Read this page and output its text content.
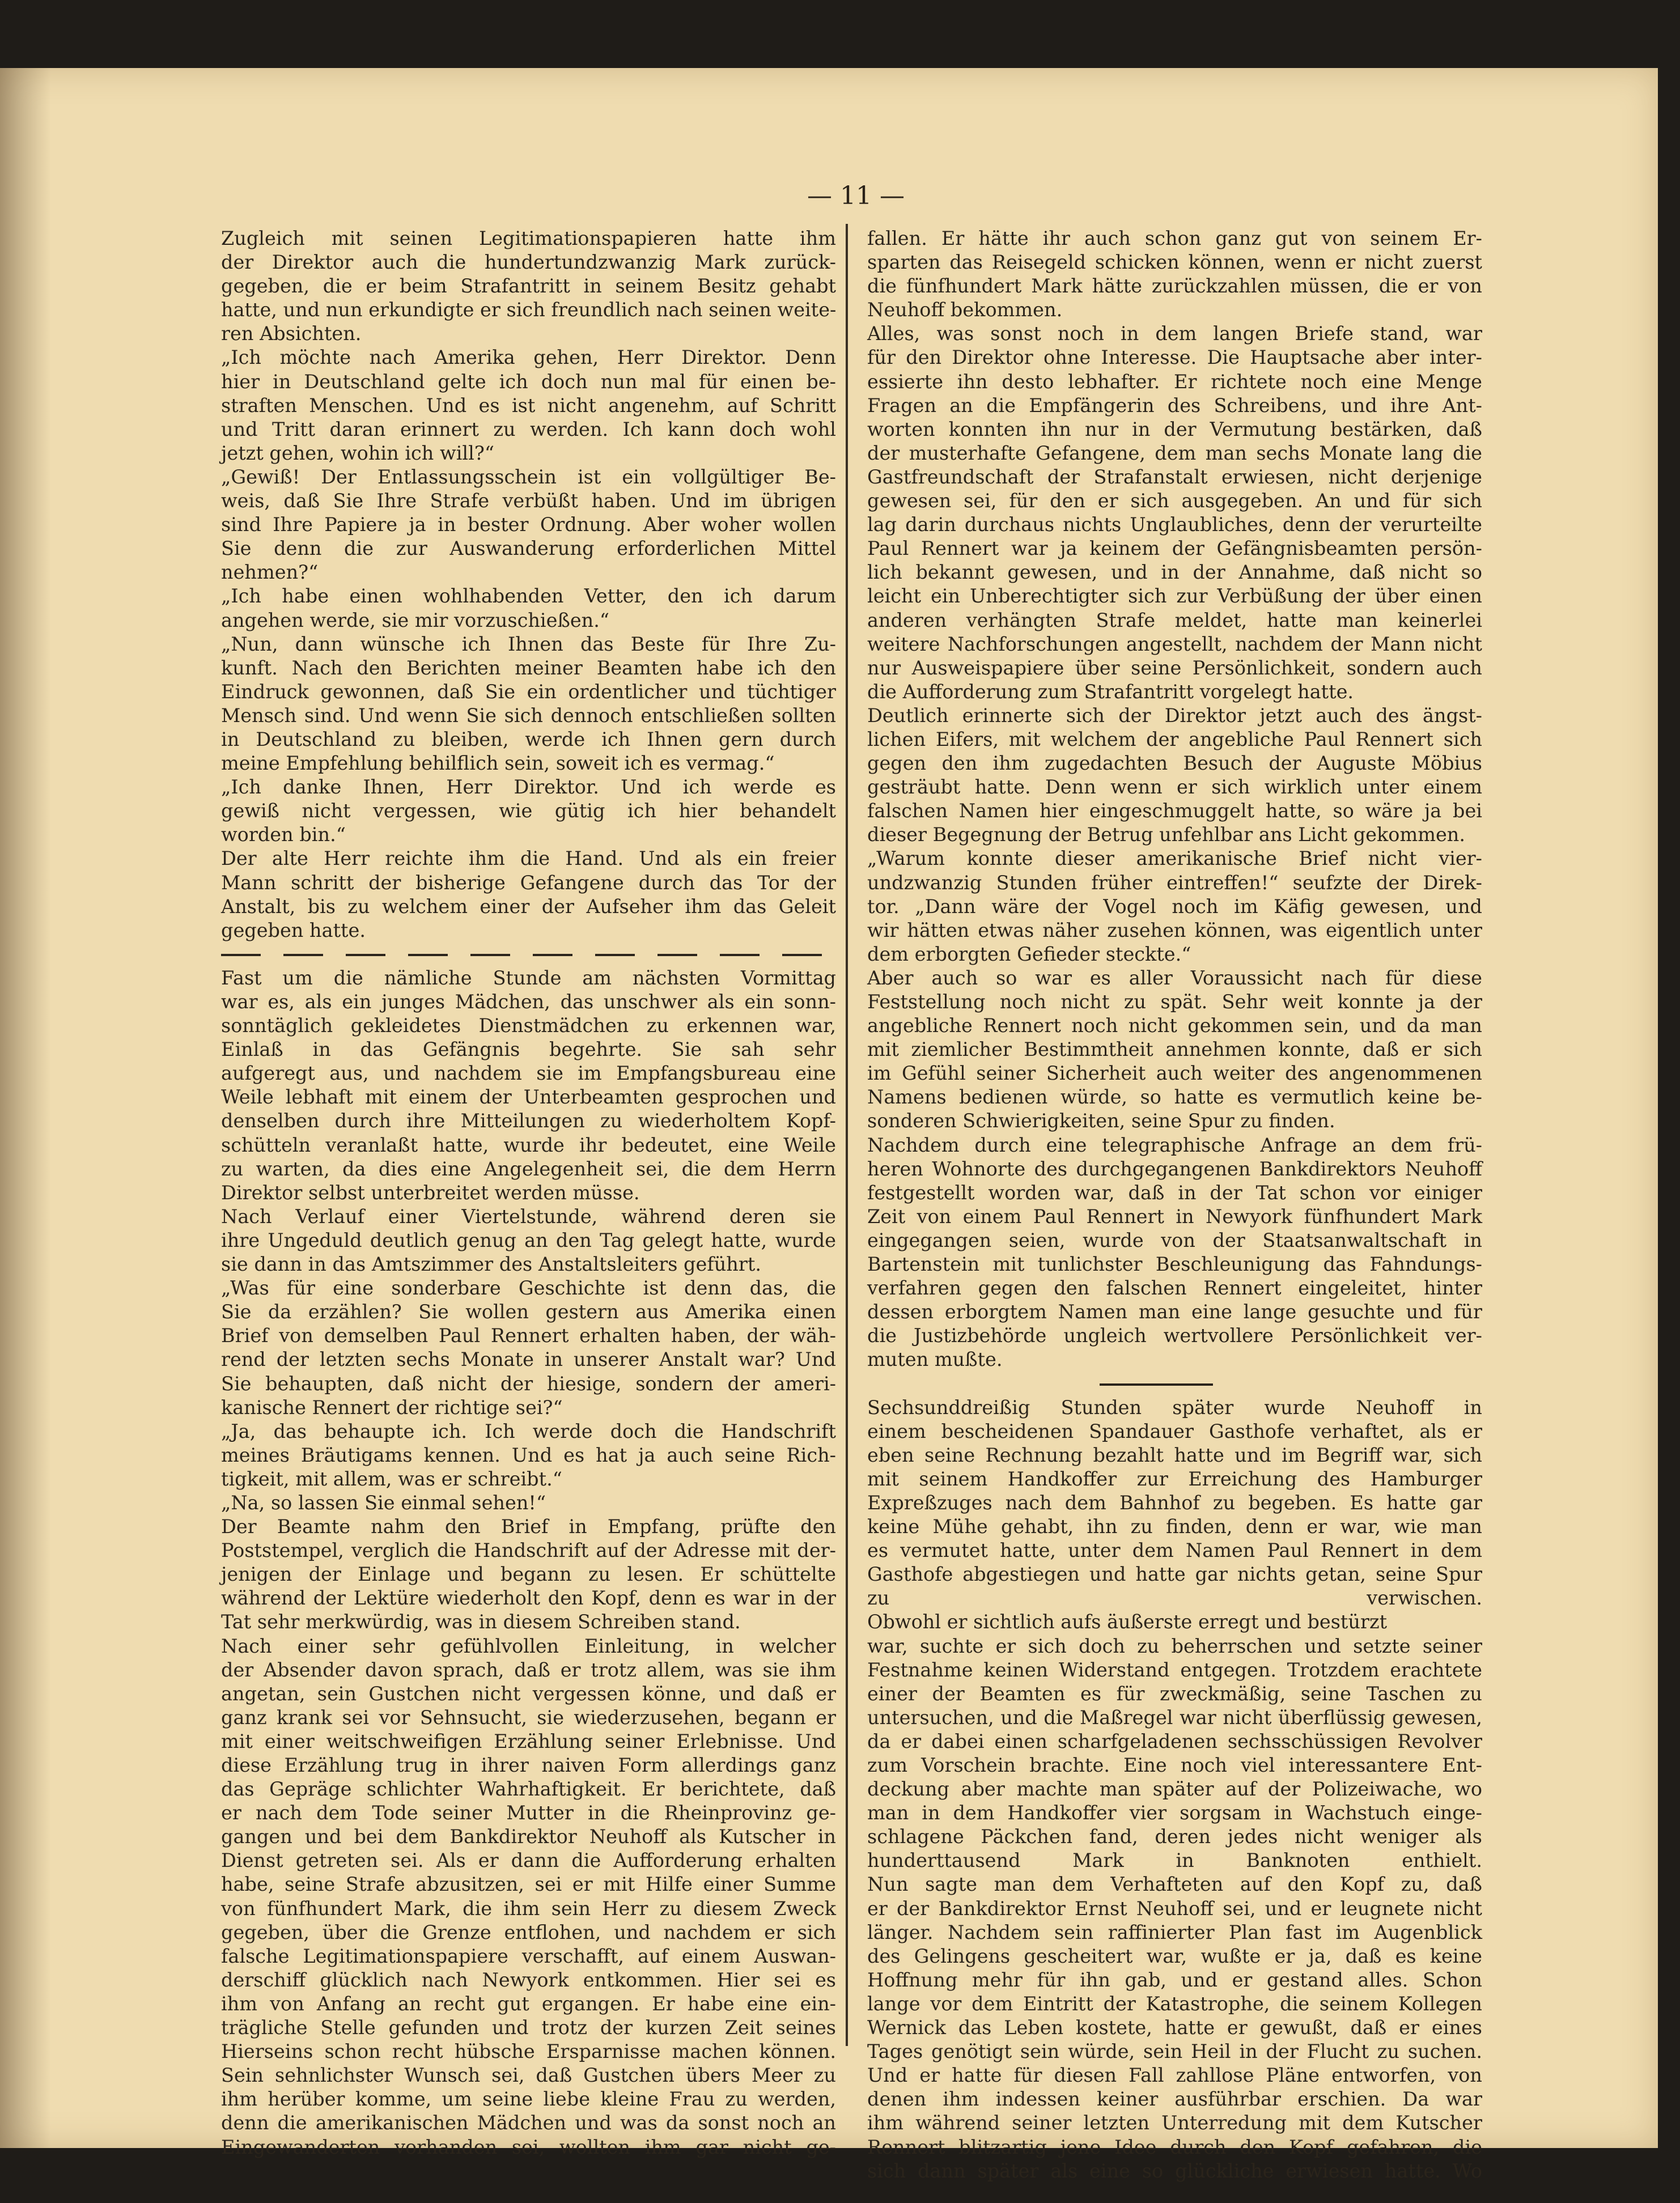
— 11 —
Zugleich mit seinen Legitimationspapieren hatte ihm
der Direktor auch die hundertundzwanzig Mark zurück-
gegeben, die er beim Strafantritt in seinem Besitz gehabt
hatte, und nun erkundigte er sich freundlich nach seinen weite-
ren Absichten.
„Ich möchte nach Amerika gehen, Herr Direktor. Denn
hier in Deutschland gelte ich doch nun mal für einen be-
straften Menschen. Und es ist nicht angenehm, auf Schritt
und Tritt daran erinnert zu werden. Ich kann doch wohl
jetzt gehen, wohin ich will?“
„Gewiß! Der Entlassungsschein ist ein vollgültiger Be-
weis, daß Sie Ihre Strafe verbüßt haben. Und im übrigen
sind Ihre Papiere ja in bester Ordnung. Aber woher wollen
Sie denn die zur Auswanderung erforderlichen Mittel
nehmen?“
„Ich habe einen wohlhabenden Vetter, den ich darum
angehen werde, sie mir vorzuschießen.“
„Nun, dann wünsche ich Ihnen das Beste für Ihre Zu-
kunft. Nach den Berichten meiner Beamten habe ich den
Eindruck gewonnen, daß Sie ein ordentlicher und tüchtiger
Mensch sind. Und wenn Sie sich dennoch entschließen sollten
in Deutschland zu bleiben, werde ich Ihnen gern durch
meine Empfehlung behilflich sein, soweit ich es vermag.“
„Ich danke Ihnen, Herr Direktor. Und ich werde es
gewiß nicht vergessen, wie gütig ich hier behandelt
worden bin.“
Der alte Herr reichte ihm die Hand. Und als ein freier
Mann schritt der bisherige Gefangene durch das Tor der
Anstalt, bis zu welchem einer der Aufseher ihm das Geleit
gegeben hatte.
Fast um die nämliche Stunde am nächsten Vormittag
war es, als ein junges Mädchen, das unschwer als ein sonn-
sonntäglich gekleidetes Dienstmädchen zu erkennen war,
Einlaß in das Gefängnis begehrte. Sie sah sehr
aufgeregt aus, und nachdem sie im Empfangsbureau eine
Weile lebhaft mit einem der Unterbeamten gesprochen und
denselben durch ihre Mitteilungen zu wiederholtem Kopf-
schütteln veranlaßt hatte, wurde ihr bedeutet, eine Weile
zu warten, da dies eine Angelegenheit sei, die dem Herrn
Direktor selbst unterbreitet werden müsse.
Nach Verlauf einer Viertelstunde, während deren sie
ihre Ungeduld deutlich genug an den Tag gelegt hatte, wurde
sie dann in das Amtszimmer des Anstaltsleiters geführt.
„Was für eine sonderbare Geschichte ist denn das, die
Sie da erzählen? Sie wollen gestern aus Amerika einen
Brief von demselben Paul Rennert erhalten haben, der wäh-
rend der letzten sechs Monate in unserer Anstalt war? Und
Sie behaupten, daß nicht der hiesige, sondern der ameri-
kanische Rennert der richtige sei?“
„Ja, das behaupte ich. Ich werde doch die Handschrift
meines Bräutigams kennen. Und es hat ja auch seine Rich-
tigkeit, mit allem, was er schreibt.“
„Na, so lassen Sie einmal sehen!“
Der Beamte nahm den Brief in Empfang, prüfte den
Poststempel, verglich die Handschrift auf der Adresse mit der-
jenigen der Einlage und begann zu lesen. Er schüttelte
während der Lektüre wiederholt den Kopf, denn es war in der
Tat sehr merkwürdig, was in diesem Schreiben stand.
Nach einer sehr gefühlvollen Einleitung, in welcher
der Absender davon sprach, daß er trotz allem, was sie ihm
angetan, sein Gustchen nicht vergessen könne, und daß er
ganz krank sei vor Sehnsucht, sie wiederzusehen, begann er
mit einer weitschweifigen Erzählung seiner Erlebnisse. Und
diese Erzählung trug in ihrer naiven Form allerdings ganz
das Gepräge schlichter Wahrhaftigkeit. Er berichtete, daß
er nach dem Tode seiner Mutter in die Rheinprovinz ge-
gangen und bei dem Bankdirektor Neuhoff als Kutscher in
Dienst getreten sei. Als er dann die Aufforderung erhalten
habe, seine Strafe abzusitzen, sei er mit Hilfe einer Summe
von fünfhundert Mark, die ihm sein Herr zu diesem Zweck
gegeben, über die Grenze entflohen, und nachdem er sich
falsche Legitimationspapiere verschafft, auf einem Auswan-
derschiff glücklich nach Newyork entkommen. Hier sei es
ihm von Anfang an recht gut ergangen. Er habe eine ein-
trägliche Stelle gefunden und trotz der kurzen Zeit seines
Hierseins schon recht hübsche Ersparnisse machen können.
Sein sehnlichster Wunsch sei, daß Gustchen übers Meer zu
ihm herüber komme, um seine liebe kleine Frau zu werden,
denn die amerikanischen Mädchen und was da sonst noch an
Eingewanderten vorhanden sei, wollten ihm gar nicht ge-
fallen. Er hätte ihr auch schon ganz gut von seinem Er-
sparten das Reisegeld schicken können, wenn er nicht zuerst
die fünfhundert Mark hätte zurückzahlen müssen, die er von
Neuhoff bekommen.
Alles, was sonst noch in dem langen Briefe stand, war
für den Direktor ohne Interesse. Die Hauptsache aber inter-
essierte ihn desto lebhafter. Er richtete noch eine Menge
Fragen an die Empfängerin des Schreibens, und ihre Ant-
worten konnten ihn nur in der Vermutung bestärken, daß
der musterhafte Gefangene, dem man sechs Monate lang die
Gastfreundschaft der Strafanstalt erwiesen, nicht derjenige
gewesen sei, für den er sich ausgegeben. An und für sich
lag darin durchaus nichts Unglaubliches, denn der verurteilte
Paul Rennert war ja keinem der Gefängnisbeamten persön-
lich bekannt gewesen, und in der Annahme, daß nicht so
leicht ein Unberechtigter sich zur Verbüßung der über einen
anderen verhängten Strafe meldet, hatte man keinerlei
weitere Nachforschungen angestellt, nachdem der Mann nicht
nur Ausweispapiere über seine Persönlichkeit, sondern auch
die Aufforderung zum Strafantritt vorgelegt hatte.
Deutlich erinnerte sich der Direktor jetzt auch des ängst-
lichen Eifers, mit welchem der angebliche Paul Rennert sich
gegen den ihm zugedachten Besuch der Auguste Möbius
gesträubt hatte. Denn wenn er sich wirklich unter einem
falschen Namen hier eingeschmuggelt hatte, so wäre ja bei
dieser Begegnung der Betrug unfehlbar ans Licht gekommen.
„Warum konnte dieser amerikanische Brief nicht vier-
undzwanzig Stunden früher eintreffen!“ seufzte der Direk-
tor. „Dann wäre der Vogel noch im Käfig gewesen, und
wir hätten etwas näher zusehen können, was eigentlich unter
dem erborgten Gefieder steckte.“
Aber auch so war es aller Voraussicht nach für diese
Feststellung noch nicht zu spät. Sehr weit konnte ja der
angebliche Rennert noch nicht gekommen sein, und da man
mit ziemlicher Bestimmtheit annehmen konnte, daß er sich
im Gefühl seiner Sicherheit auch weiter des angenommenen
Namens bedienen würde, so hatte es vermutlich keine be-
sonderen Schwierigkeiten, seine Spur zu finden.
Nachdem durch eine telegraphische Anfrage an dem frü-
heren Wohnorte des durchgegangenen Bankdirektors Neuhoff
festgestellt worden war, daß in der Tat schon vor einiger
Zeit von einem Paul Rennert in Newyork fünfhundert Mark
eingegangen seien, wurde von der Staatsanwaltschaft in
Bartenstein mit tunlichster Beschleunigung das Fahndungs-
verfahren gegen den falschen Rennert eingeleitet, hinter
dessen erborgtem Namen man eine lange gesuchte und für
die Justizbehörde ungleich wertvollere Persönlichkeit ver-
muten mußte.
Sechsunddreißig Stunden später wurde Neuhoff in
einem bescheidenen Spandauer Gasthofe verhaftet, als er
eben seine Rechnung bezahlt hatte und im Begriff war, sich
mit seinem Handkoffer zur Erreichung des Hamburger
Expreßzuges nach dem Bahnhof zu begeben. Es hatte gar
keine Mühe gehabt, ihn zu finden, denn er war, wie man
es vermutet hatte, unter dem Namen Paul Rennert in dem
Gasthofe abgestiegen und hatte gar nichts getan, seine Spur
zu verwischen.
Obwohl er sichtlich aufs äußerste erregt und bestürzt
war, suchte er sich doch zu beherrschen und setzte seiner
Festnahme keinen Widerstand entgegen. Trotzdem erachtete
einer der Beamten es für zweckmäßig, seine Taschen zu
untersuchen, und die Maßregel war nicht überflüssig gewesen,
da er dabei einen scharfgeladenen sechsschüssigen Revolver
zum Vorschein brachte. Eine noch viel interessantere Ent-
deckung aber machte man später auf der Polizeiwache, wo
man in dem Handkoffer vier sorgsam in Wachstuch einge-
schlagene Päckchen fand, deren jedes nicht weniger als
hunderttausend Mark in Banknoten enthielt.
Nun sagte man dem Verhafteten auf den Kopf zu, daß
er der Bankdirektor Ernst Neuhoff sei, und er leugnete nicht
länger. Nachdem sein raffinierter Plan fast im Augenblick
des Gelingens gescheitert war, wußte er ja, daß es keine
Hoffnung mehr für ihn gab, und er gestand alles. Schon
lange vor dem Eintritt der Katastrophe, die seinem Kollegen
Wernick das Leben kostete, hatte er gewußt, daß er eines
Tages genötigt sein würde, sein Heil in der Flucht zu suchen.
Und er hatte für diesen Fall zahllose Pläne entworfen, von
denen ihm indessen keiner ausführbar erschien. Da war
ihm während seiner letzten Unterredung mit dem Kutscher
Rennert blitzartig jene Idee durch den Kopf gefahren, die
sich dann später als eine so glückliche erwiesen hatte. Wo
